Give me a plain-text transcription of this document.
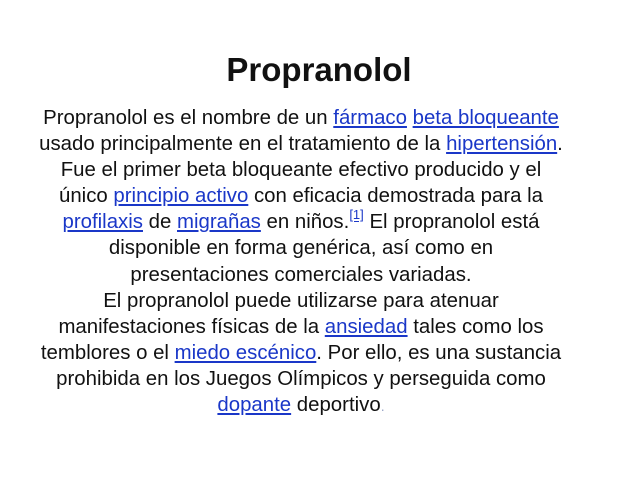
Propranolol

Propranolol es el nombre de un fármaco beta bloqueante usado principalmente en el tratamiento de la hipertensión. Fue el primer beta bloqueante efectivo producido y el único principio activo con eficacia demostrada para la profilaxis de migrañas en niños.[1] El propranolol está disponible en forma genérica, así como en presentaciones comerciales variadas.

El propranolol puede utilizarse para atenuar manifestaciones físicas de la ansiedad tales como los temblores o el miedo escénico. Por ello, es una sustancia prohibida en los Juegos Olímpicos y perseguida como dopante deportivo.
